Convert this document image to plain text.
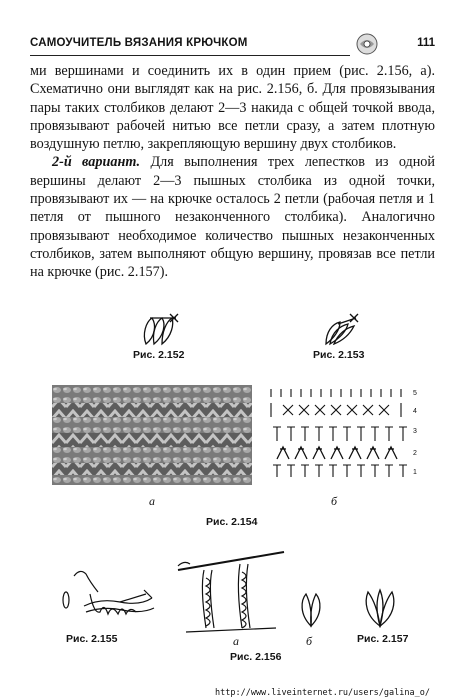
САМОУЧИТЕЛЬ ВЯЗАНИЯ КРЮЧКОМ	111

ми вершинами и соединить их в один прием (рис. 2.156, а). Схематично они выглядят как на рис. 2.156, б. Для провязывания пары таких столбиков делают 2—3 накида с общей точкой ввода, провязывают рабочей нитью все петли сразу, а затем плотную воздушную петлю, закрепляющую вершину двух столбиков.

2-й вариант. Для выполнения трех лепестков из одной вершины делают 2—3 пышных столбика из одной точки, провязывают их — на крючке осталось 2 петли (рабочая петля и 1 петля от пышного незаконченного столбика). Аналогично провязывают необходимое количество пышных незаконченных столбиков, затем выполняют общую вершину, провязав все петли на крючке (рис. 2.157).

Рис. 2.152	Рис. 2.153
а
5
4
3
2
1
б
Рис. 2.154
Рис. 2.155	а	б
Рис. 2.156
Рис. 2.157
http://www.liveinternet.ru/users/galina_o/
